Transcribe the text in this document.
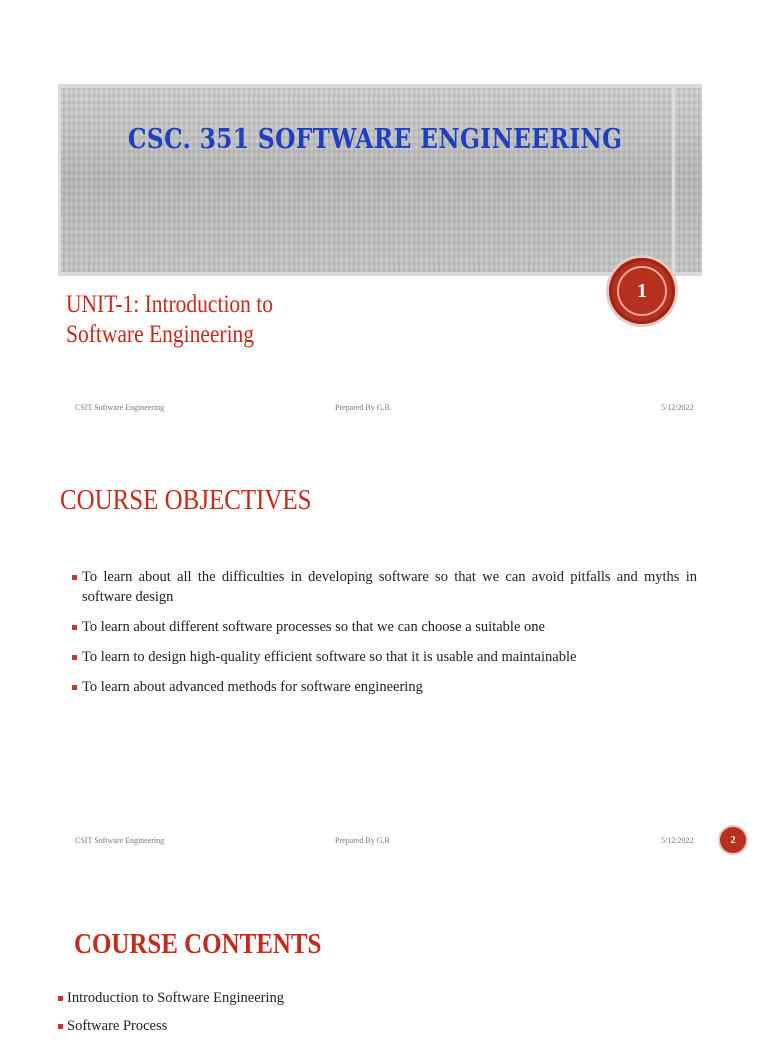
CSC. 351 SOFTWARE ENGINEERING
1
UNIT-1: Introduction to
Software Engineering
CSIT Software Engineering	Prepared By G.R	5/12/2022
COURSE OBJECTIVES
To learn about all the difficulties in developing software so that we can avoid pitfalls and myths in software design
To learn about different software processes so that we can choose a suitable one
To learn to design high-quality efficient software so that it is usable and maintainable
To learn about advanced methods for software engineering
CSIT Software Engineering	Prepared By G.R	5/12/2022	2
COURSE CONTENTS
Introduction to Software Engineering
Software Process
